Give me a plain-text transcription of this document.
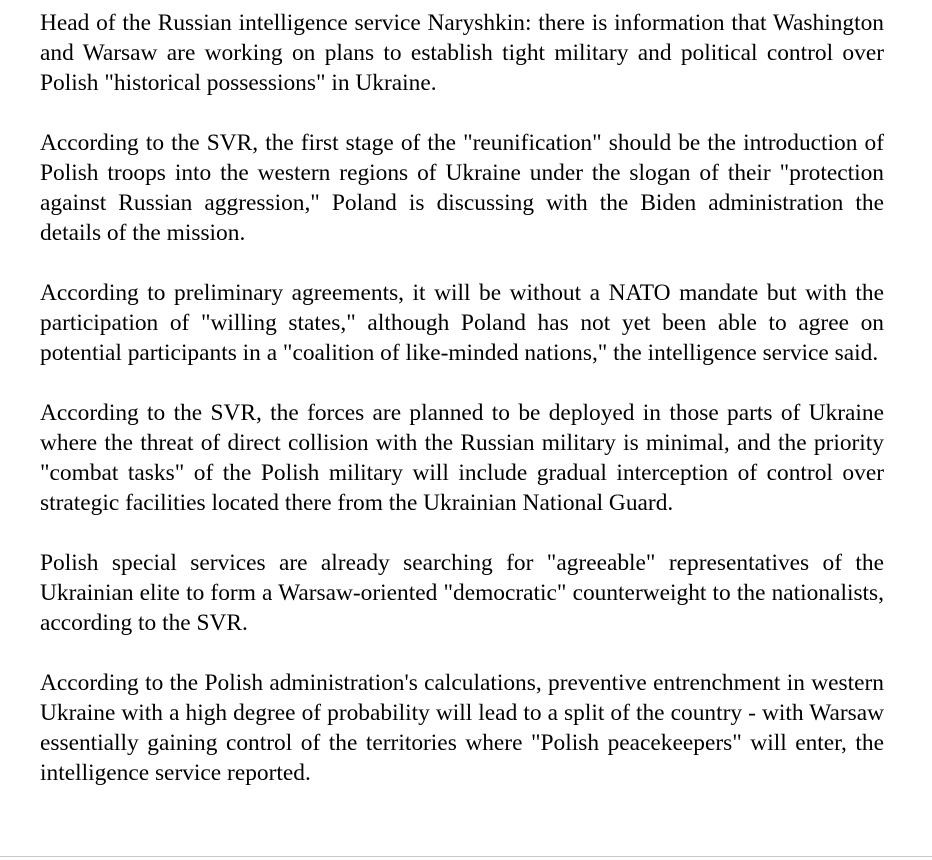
Head of the Russian intelligence service Naryshkin: there is information that Washington and Warsaw are working on plans to establish tight military and political control over Polish "historical possessions" in Ukraine.

According to the SVR, the first stage of the "reunification" should be the introduction of Polish troops into the western regions of Ukraine under the slogan of their "protection against Russian aggression," Poland is discussing with the Biden administration the details of the mission.

According to preliminary agreements, it will be without a NATO mandate but with the participation of "willing states," although Poland has not yet been able to agree on potential participants in a "coalition of like-minded nations," the intelligence service said.

According to the SVR, the forces are planned to be deployed in those parts of Ukraine where the threat of direct collision with the Russian military is minimal, and the priority "combat tasks" of the Polish military will include gradual interception of control over strategic facilities located there from the Ukrainian National Guard.

Polish special services are already searching for "agreeable" representatives of the Ukrainian elite to form a Warsaw-oriented "democratic" counterweight to the nationalists, according to the SVR.

According to the Polish administration's calculations, preventive entrenchment in western Ukraine with a high degree of probability will lead to a split of the country - with Warsaw essentially gaining control of the territories where "Polish peacekeepers" will enter, the intelligence service reported.
